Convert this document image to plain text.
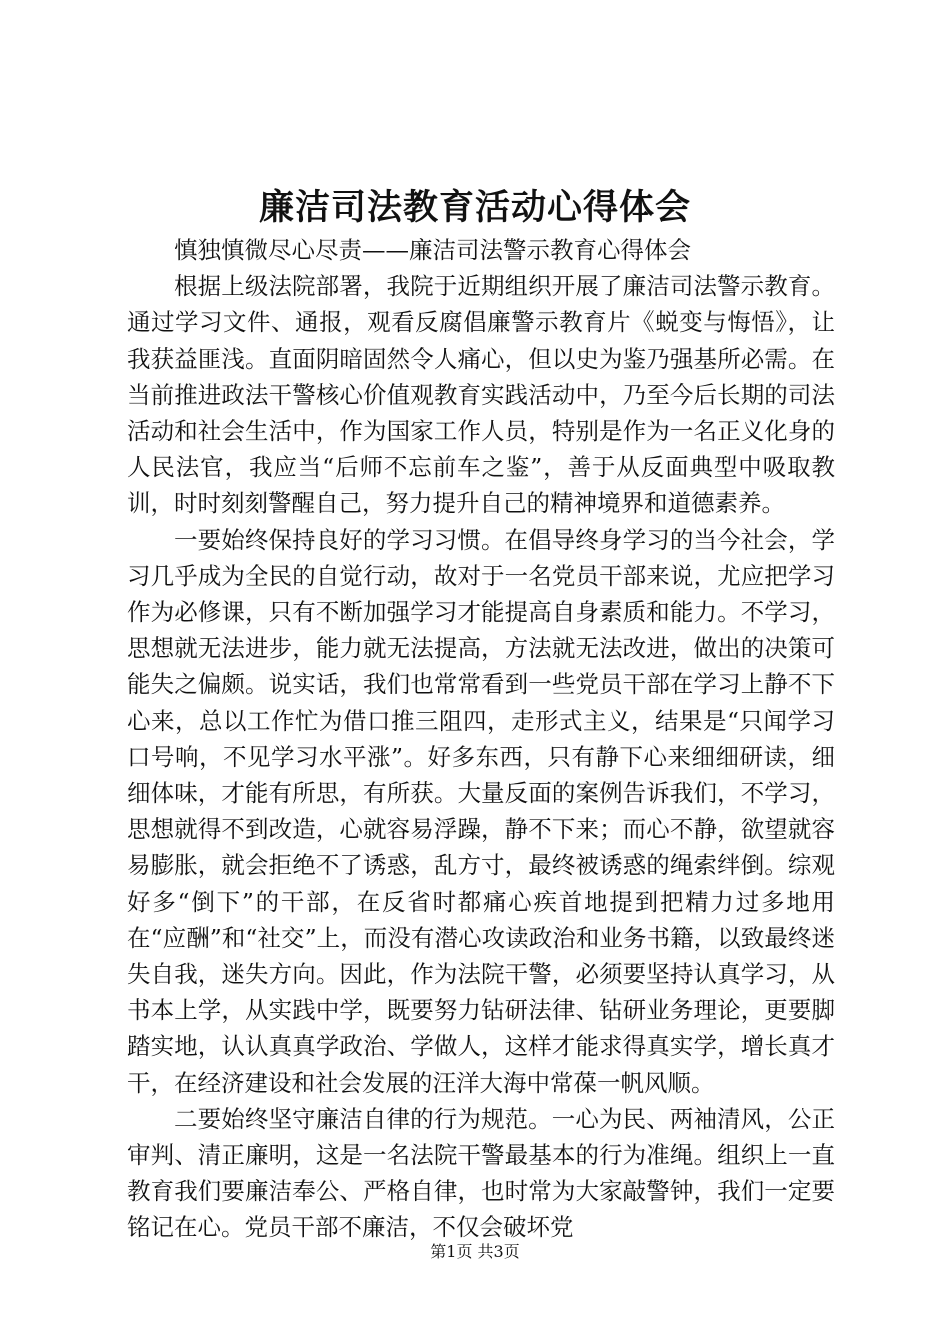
廉洁司法教育活动心得体会

慎独慎微尽心尽责——廉洁司法警示教育心得体会

根据上级法院部署，我院于近期组织开展了廉洁司法警示教育。通过学习文件、通报，观看反腐倡廉警示教育片《蜕变与悔悟》，让我获益匪浅。直面阴暗固然令人痛心，但以史为鉴乃强基所必需。在当前推进政法干警核心价值观教育实践活动中，乃至今后长期的司法活动和社会生活中，作为国家工作人员，特别是作为一名正义化身的人民法官，我应当“后师不忘前车之鉴”，善于从反面典型中吸取教训，时时刻刻警醒自己，努力提升自己的精神境界和道德素养。

一要始终保持良好的学习习惯。在倡导终身学习的当今社会，学习几乎成为全民的自觉行动，故对于一名党员干部来说，尤应把学习作为必修课，只有不断加强学习才能提高自身素质和能力。不学习，思想就无法进步，能力就无法提高，方法就无法改进，做出的决策可能失之偏颇。说实话，我们也常常看到一些党员干部在学习上静不下心来，总以工作忙为借口推三阻四，走形式主义，结果是“只闻学习口号响，不见学习水平涨”。好多东西，只有静下心来细细研读，细细体味，才能有所思，有所获。大量反面的案例告诉我们，不学习，思想就得不到改造，心就容易浮躁，静不下来；而心不静，欲望就容易膨胀，就会拒绝不了诱惑，乱方寸，最终被诱惑的绳索绊倒。综观好多“倒下”的干部，在反省时都痛心疾首地提到把精力过多地用在“应酬”和“社交”上，而没有潜心攻读政治和业务书籍，以致最终迷失自我，迷失方向。因此，作为法院干警，必须要坚持认真学习，从书本上学，从实践中学，既要努力钻研法律、钻研业务理论，更要脚踏实地，认认真真学政治、学做人，这样才能求得真实学，增长真才干，在经济建设和社会发展的汪洋大海中常葆一帆风顺。

二要始终坚守廉洁自律的行为规范。一心为民、两袖清风，公正审判、清正廉明，这是一名法院干警最基本的行为准绳。组织上一直教育我们要廉洁奉公、严格自律，也时常为大家敲警钟，我们一定要铭记在心。党员干部不廉洁，不仅会破坏党

第1页 共3页
